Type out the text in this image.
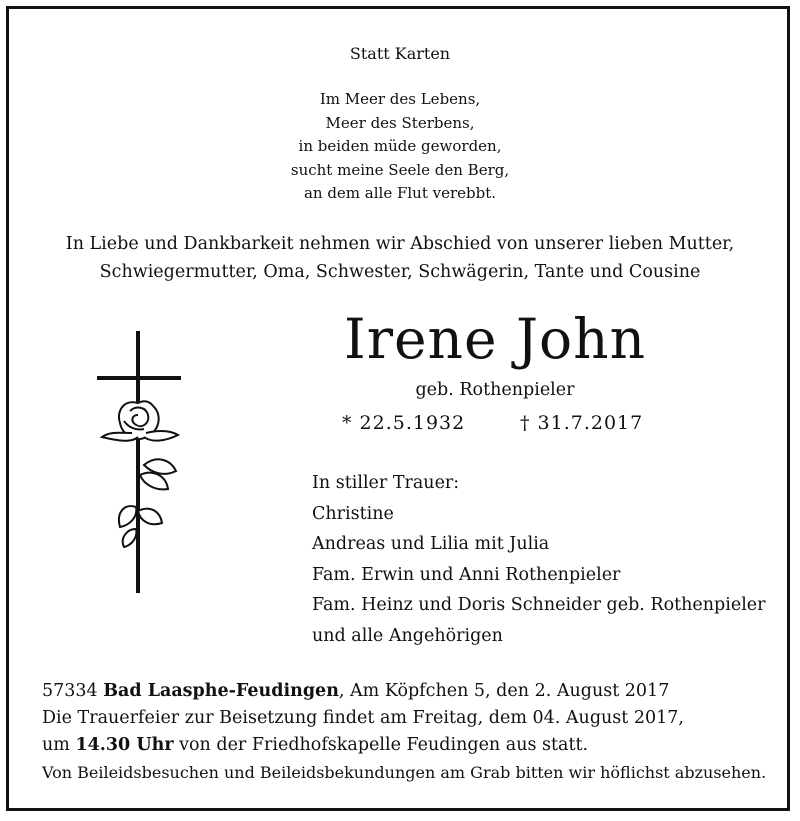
Statt Karten
Im Meer des Lebens,
Meer des Sterbens,
in beiden müde geworden,
sucht meine Seele den Berg,
an dem alle Flut verebbt.
In Liebe und Dankbarkeit nehmen wir Abschied von unserer lieben Mutter,
Schwiegermutter, Oma, Schwester, Schwägerin, Tante und Cousine
Irene John
geb. Rothenpieler
* 22.5.1932	† 31.7.2017
In stiller Trauer:
Christine
Andreas und Lilia mit Julia
Fam. Erwin und Anni Rothenpieler
Fam. Heinz und Doris Schneider geb. Rothenpieler
und alle Angehörigen
57334 Bad Laasphe-Feudingen, Am Köpfchen 5, den 2. August 2017
Die Trauerfeier zur Beisetzung findet am Freitag, dem 04. August 2017,
um 14.30 Uhr von der Friedhofskapelle Feudingen aus statt.
Von Beileidsbesuchen und Beileidsbekundungen am Grab bitten wir höflichst abzusehen.
